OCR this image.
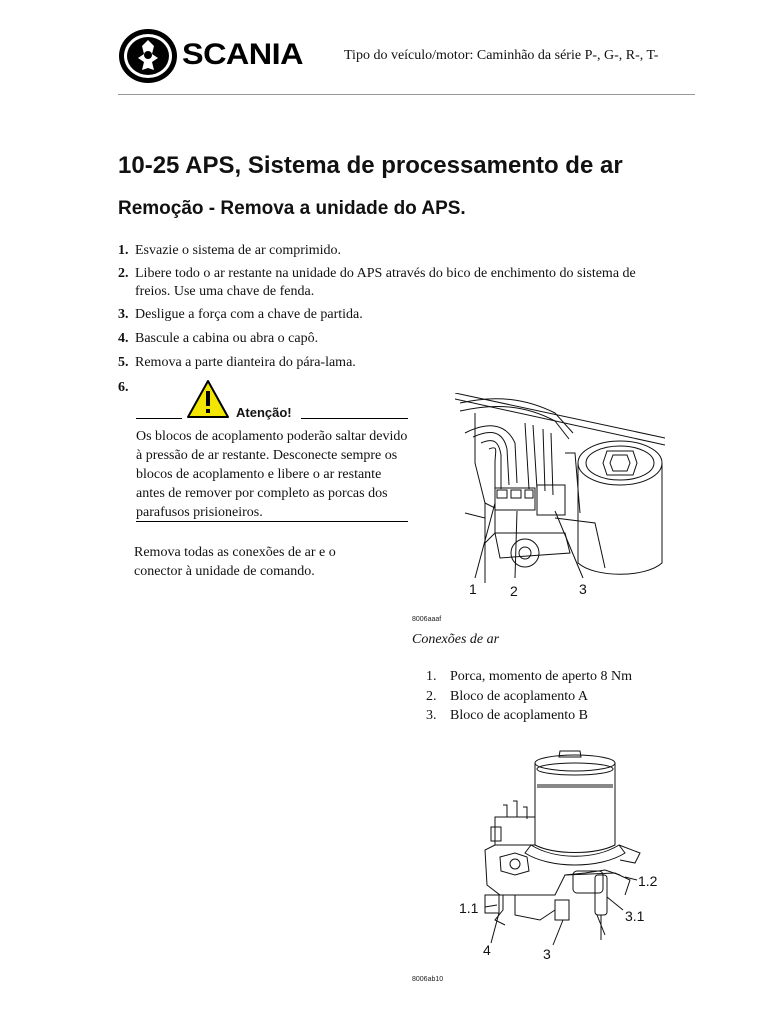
SCANIA	Tipo do veículo/motor: Caminhão da série P-, G-, R-, T-
10-25 APS, Sistema de processamento de ar
Remoção - Remova a unidade do APS.
1. Esvazie o sistema de ar comprimido.
2. Libere todo o ar restante na unidade do APS através do bico de enchimento do sistema de
freios. Use uma chave de fenda.
3. Desligue a força com a chave de partida.
4. Bascule a cabina ou abra o capô.
5. Remova a parte dianteira do pára-lama.
6.
Atenção!
Os blocos de acoplamento poderão saltar devido à pressão de ar restante. Desconecte sempre os blocos de acoplamento e libere o ar restante antes de remover por completo as porcas dos parafusos prisioneiros.
Remova todas as conexões de ar e o conector à unidade de comando.
1 2	3
8006aaaf
Conexões de ar
1. Porca, momento de aperto 8 Nm
2. Bloco de acoplamento A
3. Bloco de acoplamento B
1.2
1.1	3.1
4	3
8006ab10
